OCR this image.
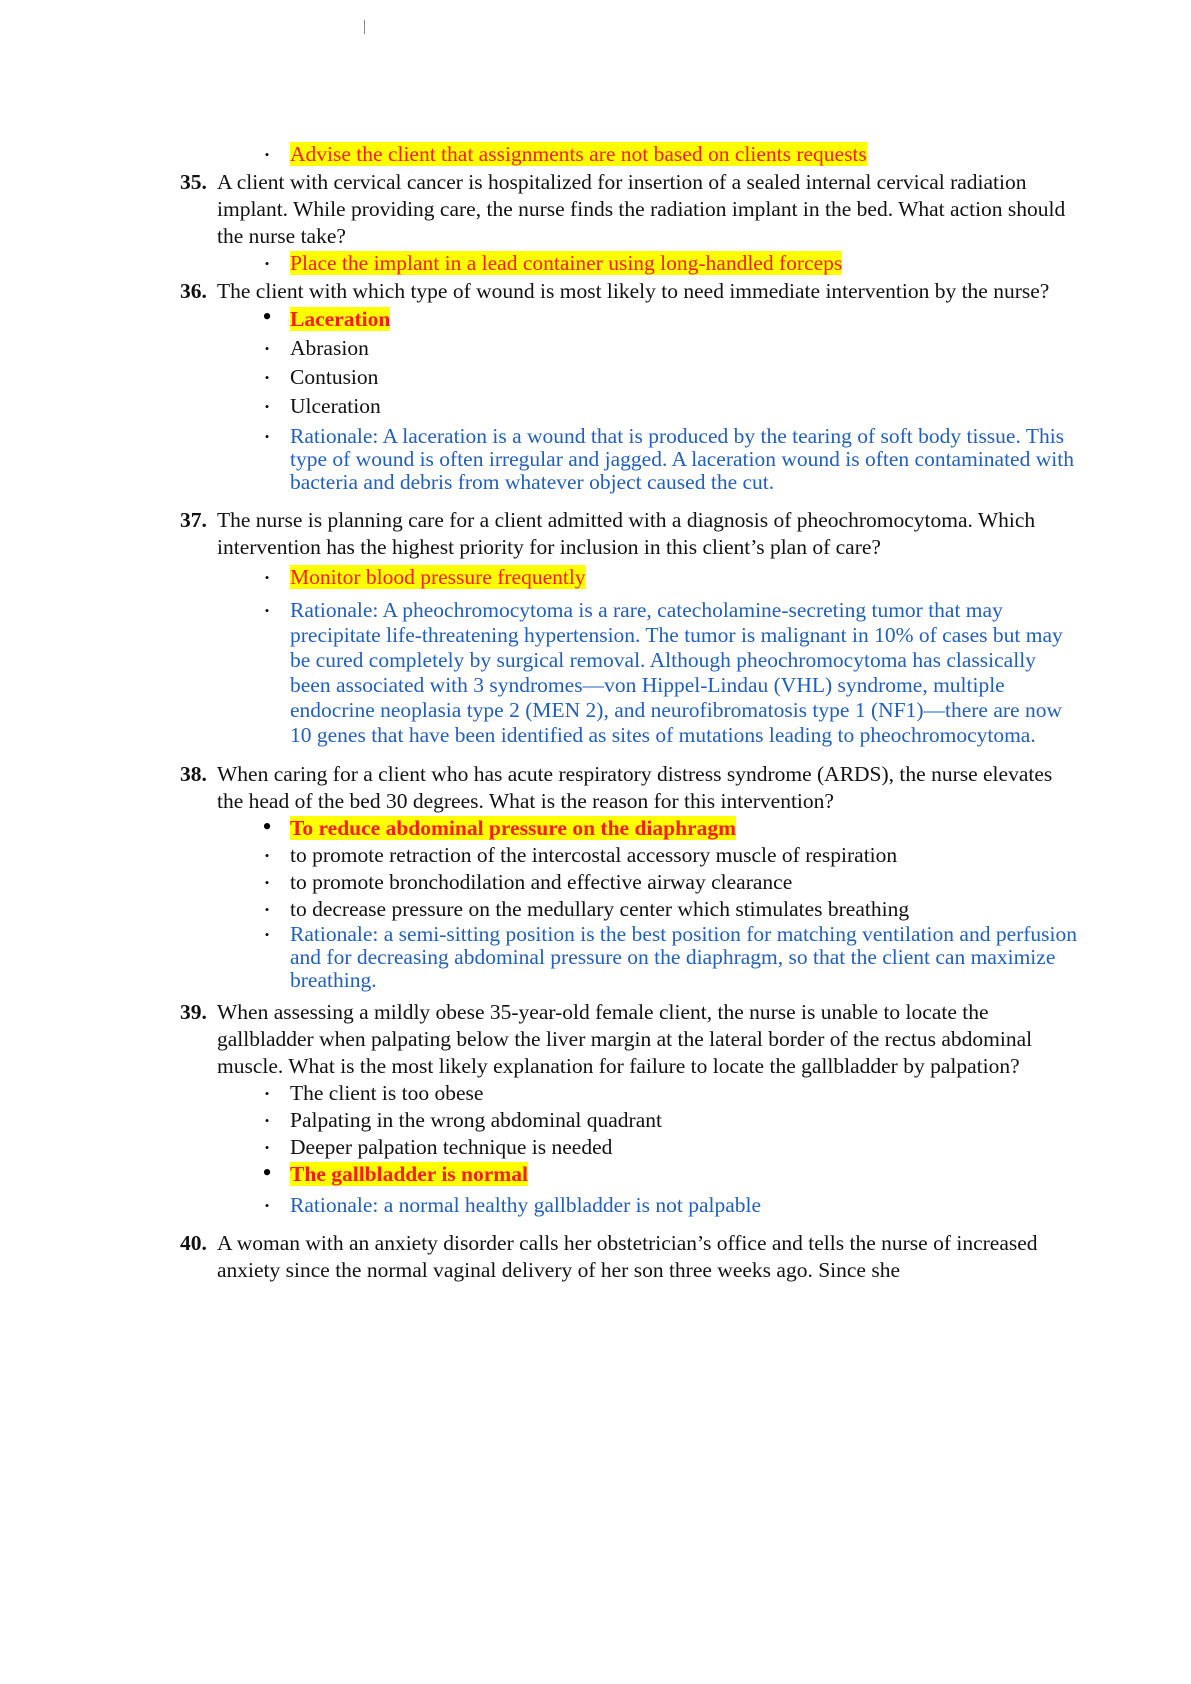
• Advise the client that assignments are not based on clients requests
35. A client with cervical cancer is hospitalized for insertion of a sealed internal cervical radiation implant. While providing care, the nurse finds the radiation implant in the bed. What action should the nurse take?
• Place the implant in a lead container using long-handled forceps
36. The client with which type of wound is most likely to need immediate intervention by the nurse?
• Laceration
• Abrasion
• Contusion
• Ulceration
• Rationale: A laceration is a wound that is produced by the tearing of soft body tissue. This type of wound is often irregular and jagged. A laceration wound is often contaminated with bacteria and debris from whatever object caused the cut.
37. The nurse is planning care for a client admitted with a diagnosis of pheochromocytoma. Which intervention has the highest priority for inclusion in this client’s plan of care?
• Monitor blood pressure frequently
• Rationale: A pheochromocytoma is a rare, catecholamine-secreting tumor that may precipitate life-threatening hypertension. The tumor is malignant in 10% of cases but may be cured completely by surgical removal. Although pheochromocytoma has classically been associated with 3 syndromes—von Hippel-Lindau (VHL) syndrome, multiple endocrine neoplasia type 2 (MEN 2), and neurofibromatosis type 1 (NF1)—there are now 10 genes that have been identified as sites of mutations leading to pheochromocytoma.
38. When caring for a client who has acute respiratory distress syndrome (ARDS), the nurse elevates the head of the bed 30 degrees. What is the reason for this intervention?
• To reduce abdominal pressure on the diaphragm
• to promote retraction of the intercostal accessory muscle of respiration
• to promote bronchodilation and effective airway clearance
• to decrease pressure on the medullary center which stimulates breathing
• Rationale: a semi-sitting position is the best position for matching ventilation and perfusion and for decreasing abdominal pressure on the diaphragm, so that the client can maximize breathing.
39. When assessing a mildly obese 35-year-old female client, the nurse is unable to locate the gallbladder when palpating below the liver margin at the lateral border of the rectus abdominal muscle. What is the most likely explanation for failure to locate the gallbladder by palpation?
• The client is too obese
• Palpating in the wrong abdominal quadrant
• Deeper palpation technique is needed
• The gallbladder is normal
• Rationale: a normal healthy gallbladder is not palpable
40. A woman with an anxiety disorder calls her obstetrician’s office and tells the nurse of increased anxiety since the normal vaginal delivery of her son three weeks ago. Since she
